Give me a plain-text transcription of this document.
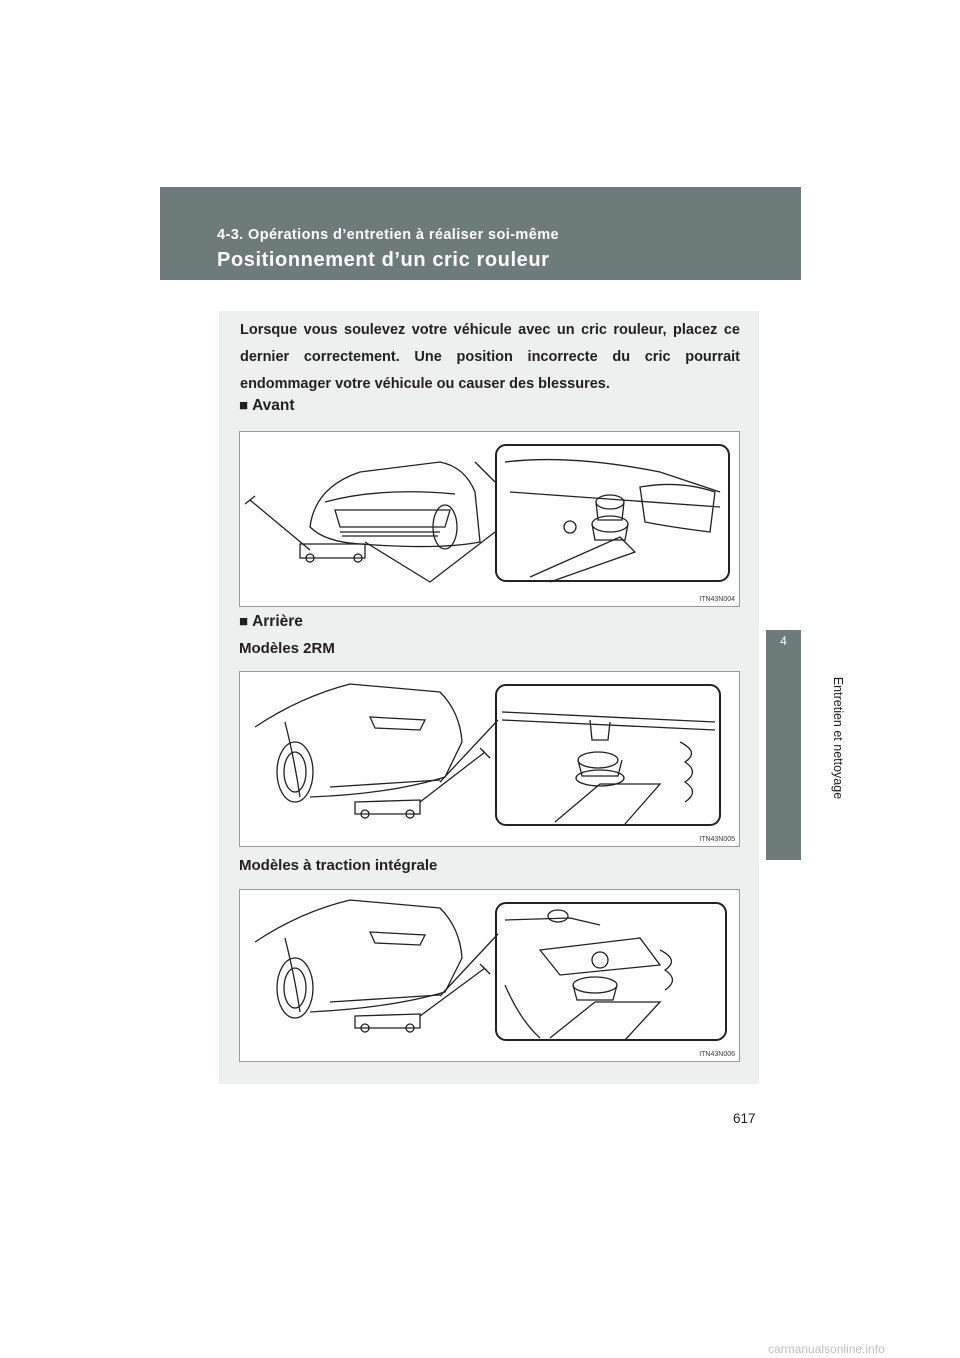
4-3. Opérations d’entretien à réaliser soi-même
Positionnement d’un cric rouleur
4
Entretien et nettoyage
Lorsque vous soulevez votre véhicule avec un cric rouleur, placez ce dernier correctement. Une position incorrecte du cric pourrait endommager votre véhicule ou causer des blessures.
■ Avant
ITN43N004
■ Arrière
Modèles 2RM
ITN43N005
Modèles à traction intégrale
ITN43N006
617
carmanualsonline.info
